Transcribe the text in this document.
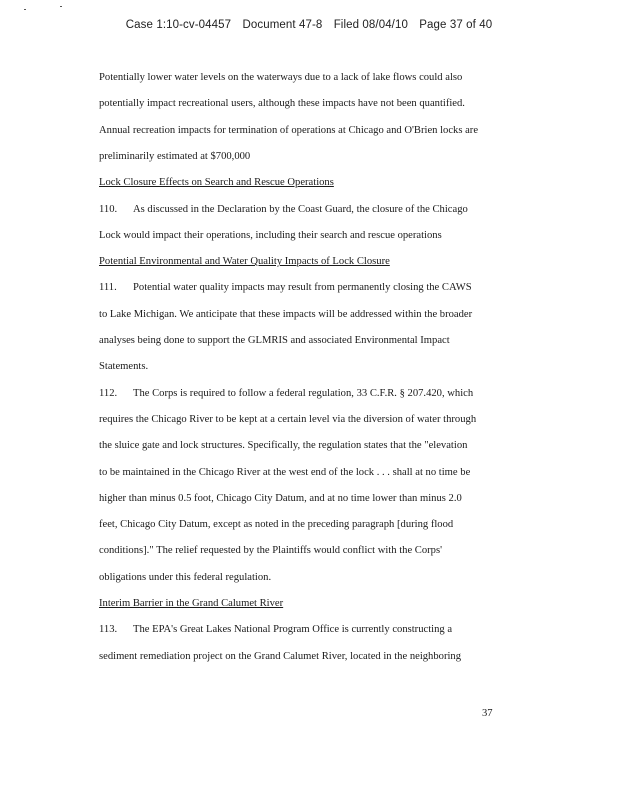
Case 1:10-cv-04457 Document 47-8 Filed 08/04/10 Page 37 of 40
Potentially lower water levels on the waterways due to a lack of lake flows could also
potentially impact recreational users, although these impacts have not been quantified.
Annual recreation impacts for termination of operations at Chicago and O'Brien locks are
preliminarily estimated at $700,000
Lock Closure Effects on Search and Rescue Operations
110. As discussed in the Declaration by the Coast Guard, the closure of the Chicago
Lock would impact their operations, including their search and rescue operations
Potential Environmental and Water Quality Impacts of Lock Closure
111. Potential water quality impacts may result from permanently closing the CAWS
to Lake Michigan. We anticipate that these impacts will be addressed within the broader
analyses being done to support the GLMRIS and associated Environmental Impact
Statements.
112. The Corps is required to follow a federal regulation, 33 C.F.R. § 207.420, which
requires the Chicago River to be kept at a certain level via the diversion of water through
the sluice gate and lock structures. Specifically, the regulation states that the "elevation
to be maintained in the Chicago River at the west end of the lock . . . shall at no time be
higher than minus 0.5 foot, Chicago City Datum, and at no time lower than minus 2.0
feet, Chicago City Datum, except as noted in the preceding paragraph [during flood
conditions]." The relief requested by the Plaintiffs would conflict with the Corps'
obligations under this federal regulation.
Interim Barrier in the Grand Calumet River
113. The EPA's Great Lakes National Program Office is currently constructing a
sediment remediation project on the Grand Calumet River, located in the neighboring
37
